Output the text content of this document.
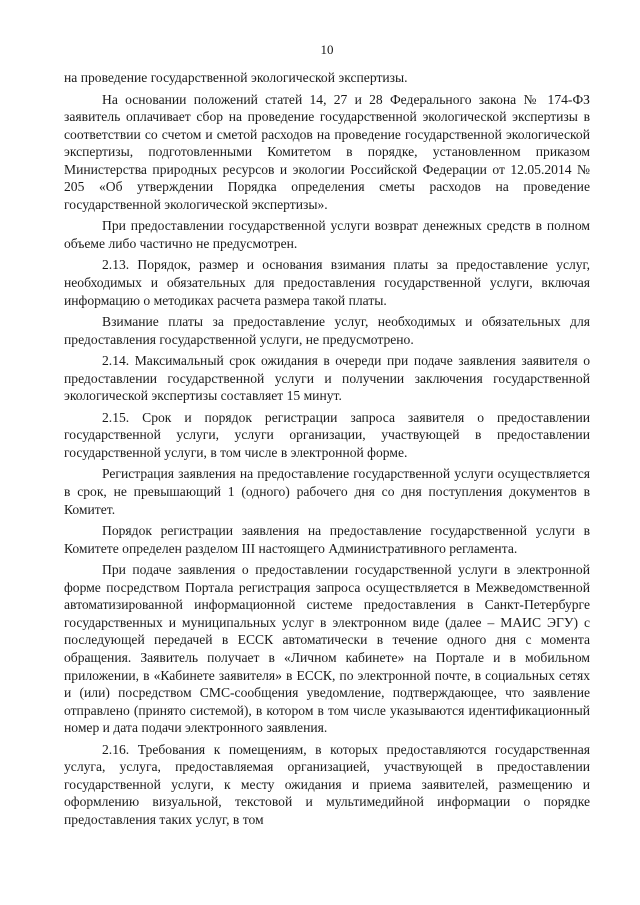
10

на проведение государственной экологической экспертизы.

На основании положений статей 14, 27 и 28 Федерального закона № 174-ФЗ заявитель оплачивает сбор на проведение государственной экологической экспертизы в соответствии со счетом и сметой расходов на проведение государственной экологической экспертизы, подготовленными Комитетом в порядке, установленном приказом Министерства природных ресурсов и экологии Российской Федерации от 12.05.2014 № 205 «Об утверждении Порядка определения сметы расходов на проведение государственной экологической экспертизы».

При предоставлении государственной услуги возврат денежных средств в полном объеме либо частично не предусмотрен.

2.13. Порядок, размер и основания взимания платы за предоставление услуг, необходимых и обязательных для предоставления государственной услуги, включая информацию о методиках расчета размера такой платы.

Взимание платы за предоставление услуг, необходимых и обязательных для предоставления государственной услуги, не предусмотрено.

2.14. Максимальный срок ожидания в очереди при подаче заявления заявителя о предоставлении государственной услуги и получении заключения государственной экологической экспертизы составляет 15 минут.

2.15. Срок и порядок регистрации запроса заявителя о предоставлении государственной услуги, услуги организации, участвующей в предоставлении государственной услуги, в том числе в электронной форме.

Регистрация заявления на предоставление государственной услуги осуществляется в срок, не превышающий 1 (одного) рабочего дня со дня поступления документов в Комитет.

Порядок регистрации заявления на предоставление государственной услуги в Комитете определен разделом III настоящего Административного регламента.

При подаче заявления о предоставлении государственной услуги в электронной форме посредством Портала регистрация запроса осуществляется в Межведомственной автоматизированной информационной системе предоставления в Санкт-Петербурге государственных и муниципальных услуг в электронном виде (далее – МАИС ЭГУ) с последующей передачей в ЕССК автоматически в течение одного дня с момента обращения. Заявитель получает в «Личном кабинете» на Портале и в мобильном приложении, в «Кабинете заявителя» в ЕССК, по электронной почте, в социальных сетях и (или) посредством СМС-сообщения уведомление, подтверждающее, что заявление отправлено (принято системой), в котором в том числе указываются идентификационный номер и дата подачи электронного заявления.

2.16. Требования к помещениям, в которых предоставляются государственная услуга, услуга, предоставляемая организацией, участвующей в предоставлении государственной услуги, к месту ожидания и приема заявителей, размещению и оформлению визуальной, текстовой и мультимедийной информации о порядке предоставления таких услуг, в том
